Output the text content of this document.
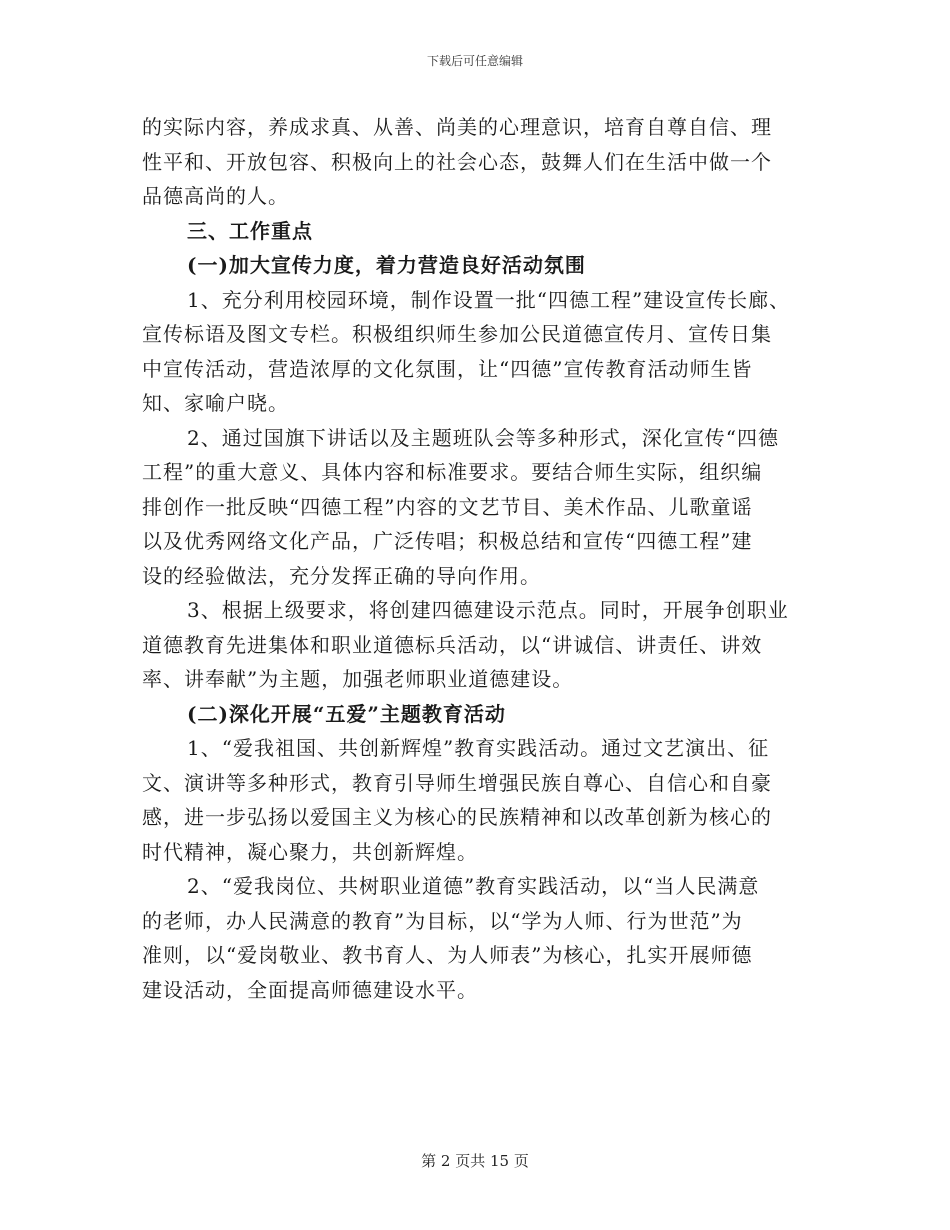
下载后可任意编辑
的实际内容，养成求真、从善、尚美的心理意识，培育自尊自信、理
性平和、开放包容、积极向上的社会心态，鼓舞人们在生活中做一个
品德高尚的人。
三、工作重点
(一)加大宣传力度，着力营造良好活动氛围
1、充分利用校园环境，制作设置一批“四德工程”建设宣传长廊、
宣传标语及图文专栏。积极组织师生参加公民道德宣传月、宣传日集
中宣传活动，营造浓厚的文化氛围，让“四德”宣传教育活动师生皆
知、家喻户晓。
2、通过国旗下讲话以及主题班队会等多种形式，深化宣传“四德
工程”的重大意义、具体内容和标准要求。要结合师生实际，组织编
排创作一批反映“四德工程”内容的文艺节目、美术作品、儿歌童谣
以及优秀网络文化产品，广泛传唱；积极总结和宣传“四德工程”建
设的经验做法，充分发挥正确的导向作用。
3、根据上级要求，将创建四德建设示范点。同时，开展争创职业
道德教育先进集体和职业道德标兵活动，以“讲诚信、讲责任、讲效
率、讲奉献”为主题，加强老师职业道德建设。
(二)深化开展“五爱”主题教育活动
1、“爱我祖国、共创新辉煌”教育实践活动。通过文艺演出、征
文、演讲等多种形式，教育引导师生增强民族自尊心、自信心和自豪
感，进一步弘扬以爱国主义为核心的民族精神和以改革创新为核心的
时代精神，凝心聚力，共创新辉煌。
2、“爱我岗位、共树职业道德”教育实践活动，以“当人民满意
的老师，办人民满意的教育”为目标，以“学为人师、行为世范”为
准则，以“爱岗敬业、教书育人、为人师表”为核心，扎实开展师德
建设活动，全面提高师德建设水平。
第 2 页共 15 页
